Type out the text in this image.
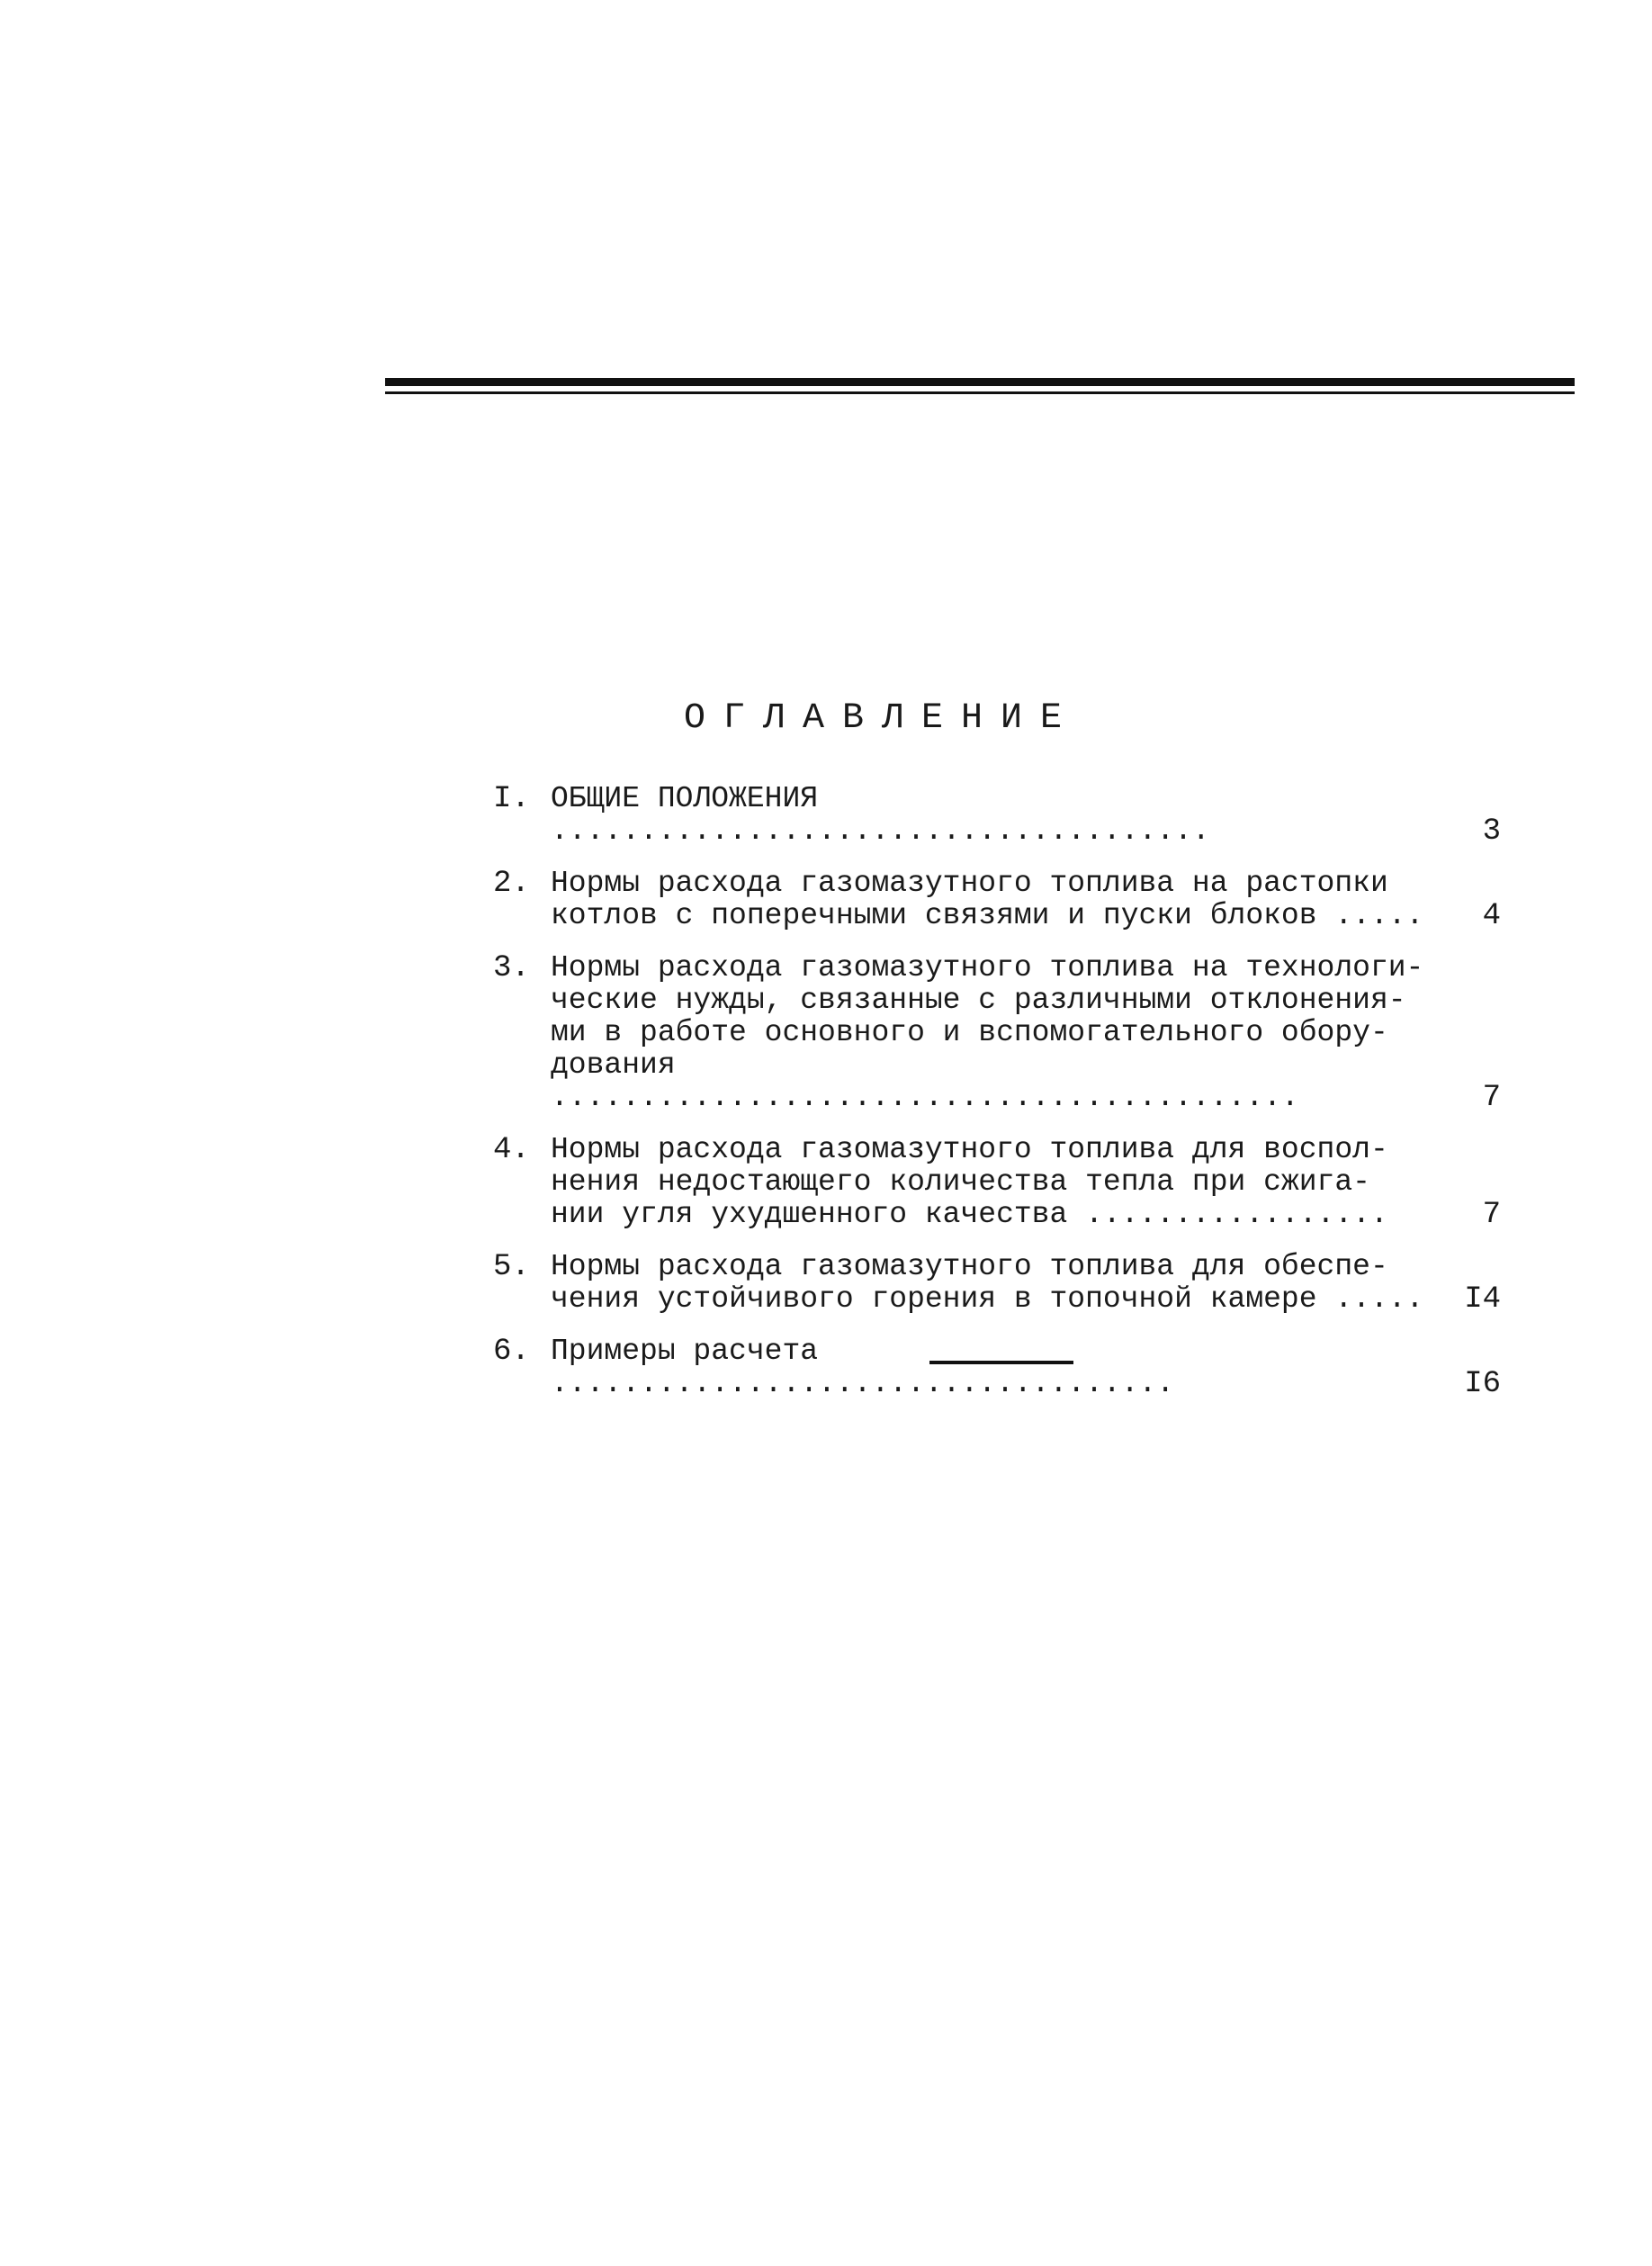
ОГЛАВЛЕНИЕ
I. ОБЩИЕ ПОЛОЖЕНИЯ .....................................	3
2. Нормы расхода газомазутного топлива на растопки
котлов с поперечными связями и пуски блоков .....	4
3. Нормы расхода газомазутного топлива на технологи-
ческие нужды, связанные с различными отклонения-
ми в работе основного и вспомогательного обору-
дования ..........................................	7
4. Нормы расхода газомазутного топлива для воспол-
нения недостающего количества тепла при сжига-
нии угля ухудшенного качества .................	7
5. Нормы расхода газомазутного топлива для обеспе-
чения устойчивого горения в топочной камере .....	I4
6. Примеры расчета ...................................	I6
